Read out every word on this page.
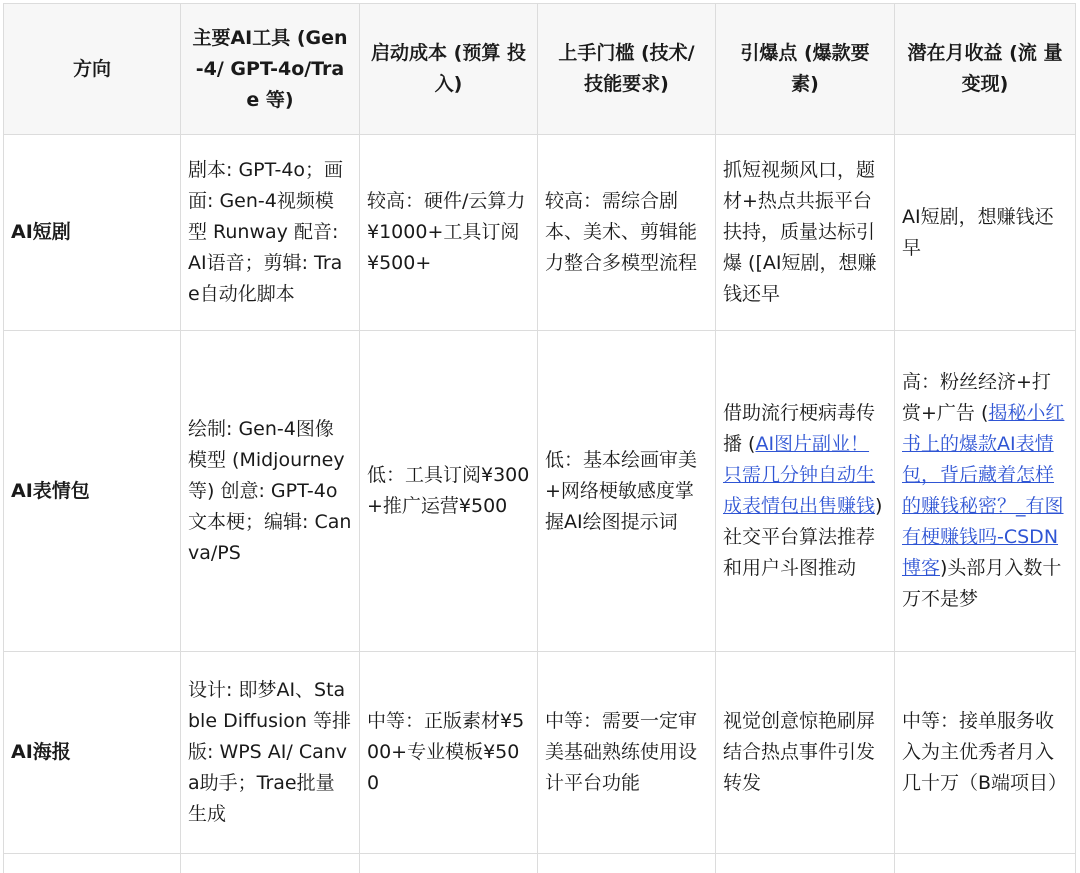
方向	主要AI工具 (Gen-4/ GPT-4o/Trae 等)	启动成本 (预算 投入)	上手门槛 (技术/ 技能要求)	引爆点 (爆款要 素)	潜在月收益 (流 量变现)
AI短剧	剧本: GPT-4o；画面: Gen-4视频模型 Runway 配音: AI语音；剪辑: Trae自动化脚本	较高：硬件/云算力¥1000+工具订阅¥500+	较高：需综合剧本、美术、剪辑能力整合多模型流程	抓短视频风口，题材+热点共振平台扶持，质量达标引爆 ([AI短剧，想赚钱还早	AI短剧，想赚钱还早
AI表情包	绘制: Gen-4图像模型 (Midjourney等) 创意: GPT-4o文本梗；编辑: Canva/PS	低：工具订阅¥300+推广运营¥500	低：基本绘画审美+网络梗敏感度掌握AI绘图提示词	借助流行梗病毒传播 (AI图片副业！只需几分钟自动生成表情包出售赚钱)社交平台算法推荐和用户斗图推动	高：粉丝经济+打赏+广告 (揭秘小红书上的爆款AI表情包，背后藏着怎样的赚钱秘密？_有图有梗赚钱吗-CSDN博客)头部月入数十万不是梦
AI海报	设计: 即梦AI、Stable Diffusion 等排版: WPS AI/ Canva助手；Trae批量生成	中等：正版素材¥500+专业模板¥500	中等：需要一定审美基础熟练使用设计平台功能	视觉创意惊艳刷屏结合热点事件引发转发	中等：接单服务收入为主优秀者月入几十万（B端项目）
